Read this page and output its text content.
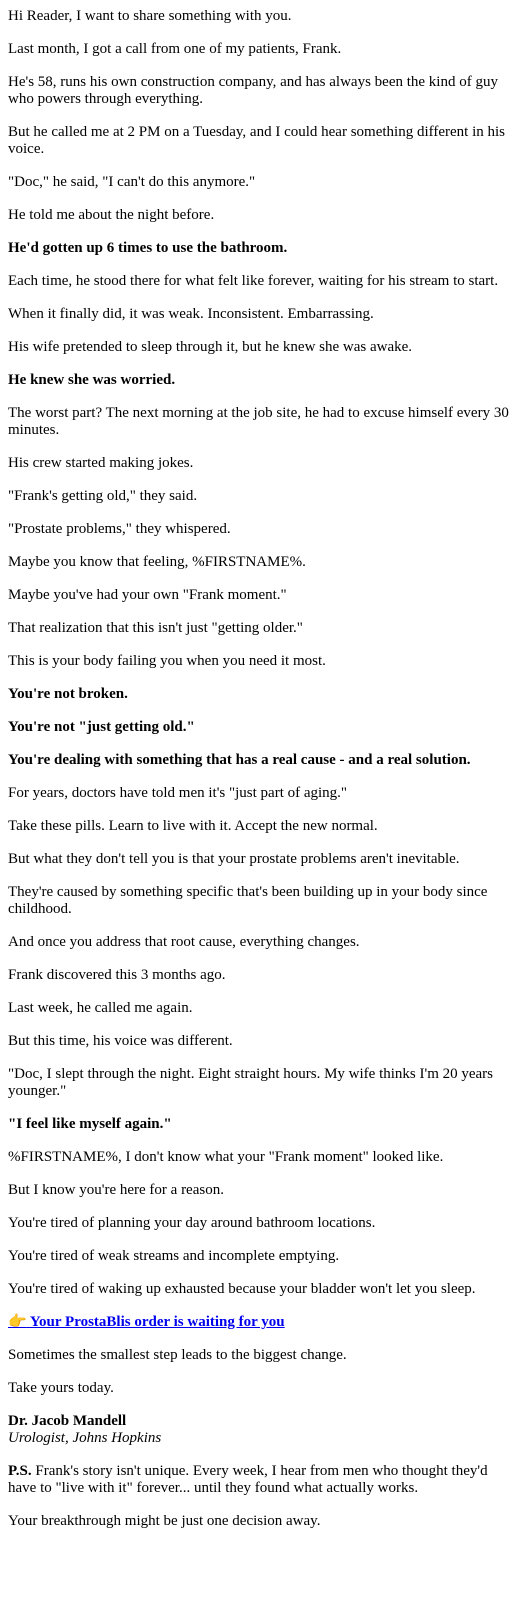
Hi Reader, I want to share something with you.

Last month, I got a call from one of my patients, Frank.

He's 58, runs his own construction company, and has always been the kind of guy who powers through everything.

But he called me at 2 PM on a Tuesday, and I could hear something different in his voice.

"Doc," he said, "I can't do this anymore."

He told me about the night before.

He'd gotten up 6 times to use the bathroom.

Each time, he stood there for what felt like forever, waiting for his stream to start.

When it finally did, it was weak. Inconsistent. Embarrassing.

His wife pretended to sleep through it, but he knew she was awake.

He knew she was worried.

The worst part? The next morning at the job site, he had to excuse himself every 30 minutes.

His crew started making jokes.

"Frank's getting old," they said.

"Prostate problems," they whispered.

Maybe you know that feeling, %FIRSTNAME%.

Maybe you've had your own "Frank moment."

That realization that this isn't just "getting older."

This is your body failing you when you need it most.

You're not broken.

You're not "just getting old."

You're dealing with something that has a real cause - and a real solution.

For years, doctors have told men it's "just part of aging."

Take these pills. Learn to live with it. Accept the new normal.

But what they don't tell you is that your prostate problems aren't inevitable.

They're caused by something specific that's been building up in your body since childhood.

And once you address that root cause, everything changes.

Frank discovered this 3 months ago.

Last week, he called me again.

But this time, his voice was different.

"Doc, I slept through the night. Eight straight hours. My wife thinks I'm 20 years younger."

"I feel like myself again."

%FIRSTNAME%, I don't know what your "Frank moment" looked like.

But I know you're here for a reason.

You're tired of planning your day around bathroom locations.

You're tired of weak streams and incomplete emptying.

You're tired of waking up exhausted because your bladder won't let you sleep.

👉 Your ProstaBlis order is waiting for you

Sometimes the smallest step leads to the biggest change.

Take yours today.

Dr. Jacob Mandell
Urologist, Johns Hopkins

P.S. Frank's story isn't unique. Every week, I hear from men who thought they'd have to "live with it" forever... until they found what actually works.

Your breakthrough might be just one decision away.
